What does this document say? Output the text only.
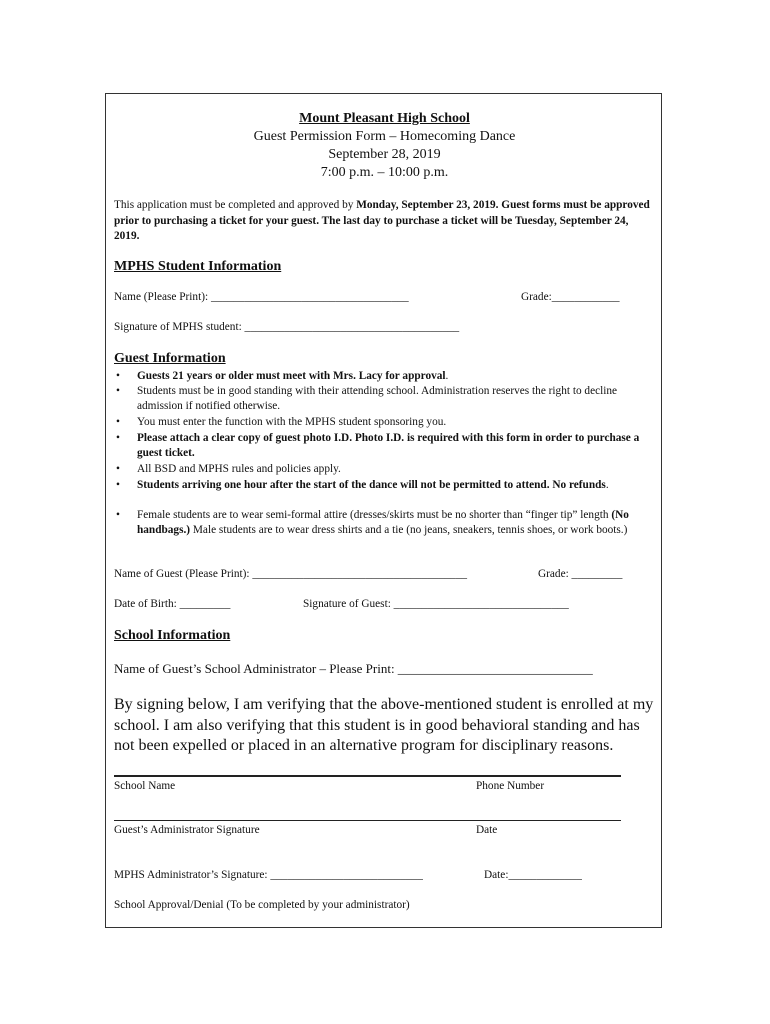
Mount Pleasant High School
Guest Permission Form – Homecoming Dance
September 28, 2019
7:00 p.m. – 10:00 p.m.
This application must be completed and approved by Monday, September 23, 2019. Guest forms must be approved prior to purchasing a ticket for your guest. The last day to purchase a ticket will be Tuesday, September 24, 2019.
MPHS Student Information
Name (Please Print): ___________________________________	Grade:____________
Signature of MPHS student: ______________________________________
Guest Information
• Guests 21 years or older must meet with Mrs. Lacy for approval.
• Students must be in good standing with their attending school. Administration reserves the right to decline admission if notified otherwise.
• You must enter the function with the MPHS student sponsoring you.
• Please attach a clear copy of guest photo I.D. Photo I.D. is required with this form in order to purchase a guest ticket.
• All BSD and MPHS rules and policies apply.
• Students arriving one hour after the start of the dance will not be permitted to attend. No refunds.
• Female students are to wear semi-formal attire (dresses/skirts must be no shorter than “finger tip” length (No handbags.) Male students are to wear dress shirts and a tie (no jeans, sneakers, tennis shoes, or work boots.)
Name of Guest (Please Print): ______________________________________	Grade: _________
Date of Birth: _________	Signature of Guest: _______________________________
School Information
Name of Guest’s School Administrator – Please Print: ______________________________
By signing below, I am verifying that the above-mentioned student is enrolled at my school. I am also verifying that this student is in good behavioral standing and has not been expelled or placed in an alternative program for disciplinary reasons.
School Name	Phone Number
Guest’s Administrator Signature	Date
MPHS Administrator’s Signature: ___________________________	Date:_____________
School Approval/Denial (To be completed by your administrator)
